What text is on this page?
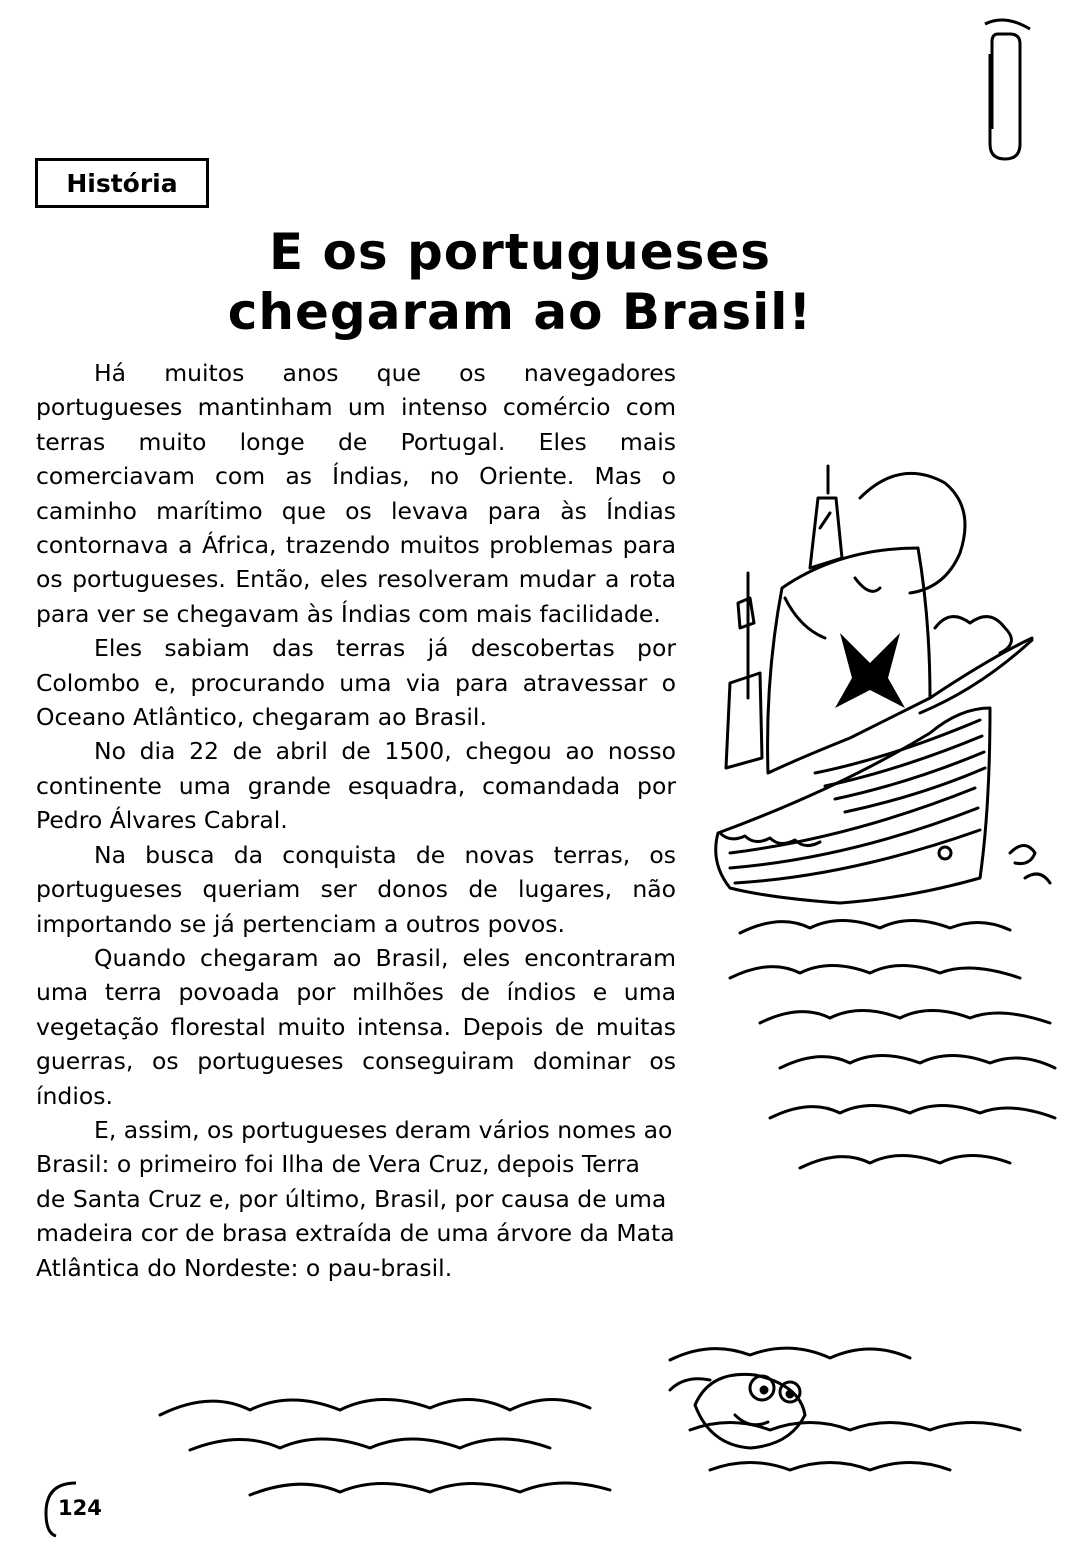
História
E os portugueses
chegaram ao Brasil!

Há muitos anos que os navegadores portugueses mantinham um intenso comércio com terras muito longe de Portugal. Eles mais comerciavam com as Índias, no Oriente. Mas o caminho marítimo que os levava para às Índias contornava a África, trazendo muitos problemas para os portugueses. Então, eles resolveram mudar a rota para ver se chegavam às Índias com mais facilidade.

Eles sabiam das terras já descobertas por Colombo e, procurando uma via para atravessar o Oceano Atlântico, chegaram ao Brasil.

No dia 22 de abril de 1500, chegou ao nosso continente uma grande esquadra, comandada por Pedro Álvares Cabral.

Na busca da conquista de novas terras, os portugueses queriam ser donos de lugares, não importando se já pertenciam a outros povos.

Quando chegaram ao Brasil, eles encontraram uma terra povoada por milhões de índios e uma vegetação florestal muito intensa. Depois de muitas guerras, os portugueses conseguiram dominar os índios.

E, assim, os portugueses deram vários nomes ao Brasil: o primeiro foi Ilha de Vera Cruz, depois Terra de Santa Cruz e, por último, Brasil, por causa de uma madeira cor de brasa extraída de uma árvore da Mata Atlântica do Nordeste: o pau-brasil.

124
